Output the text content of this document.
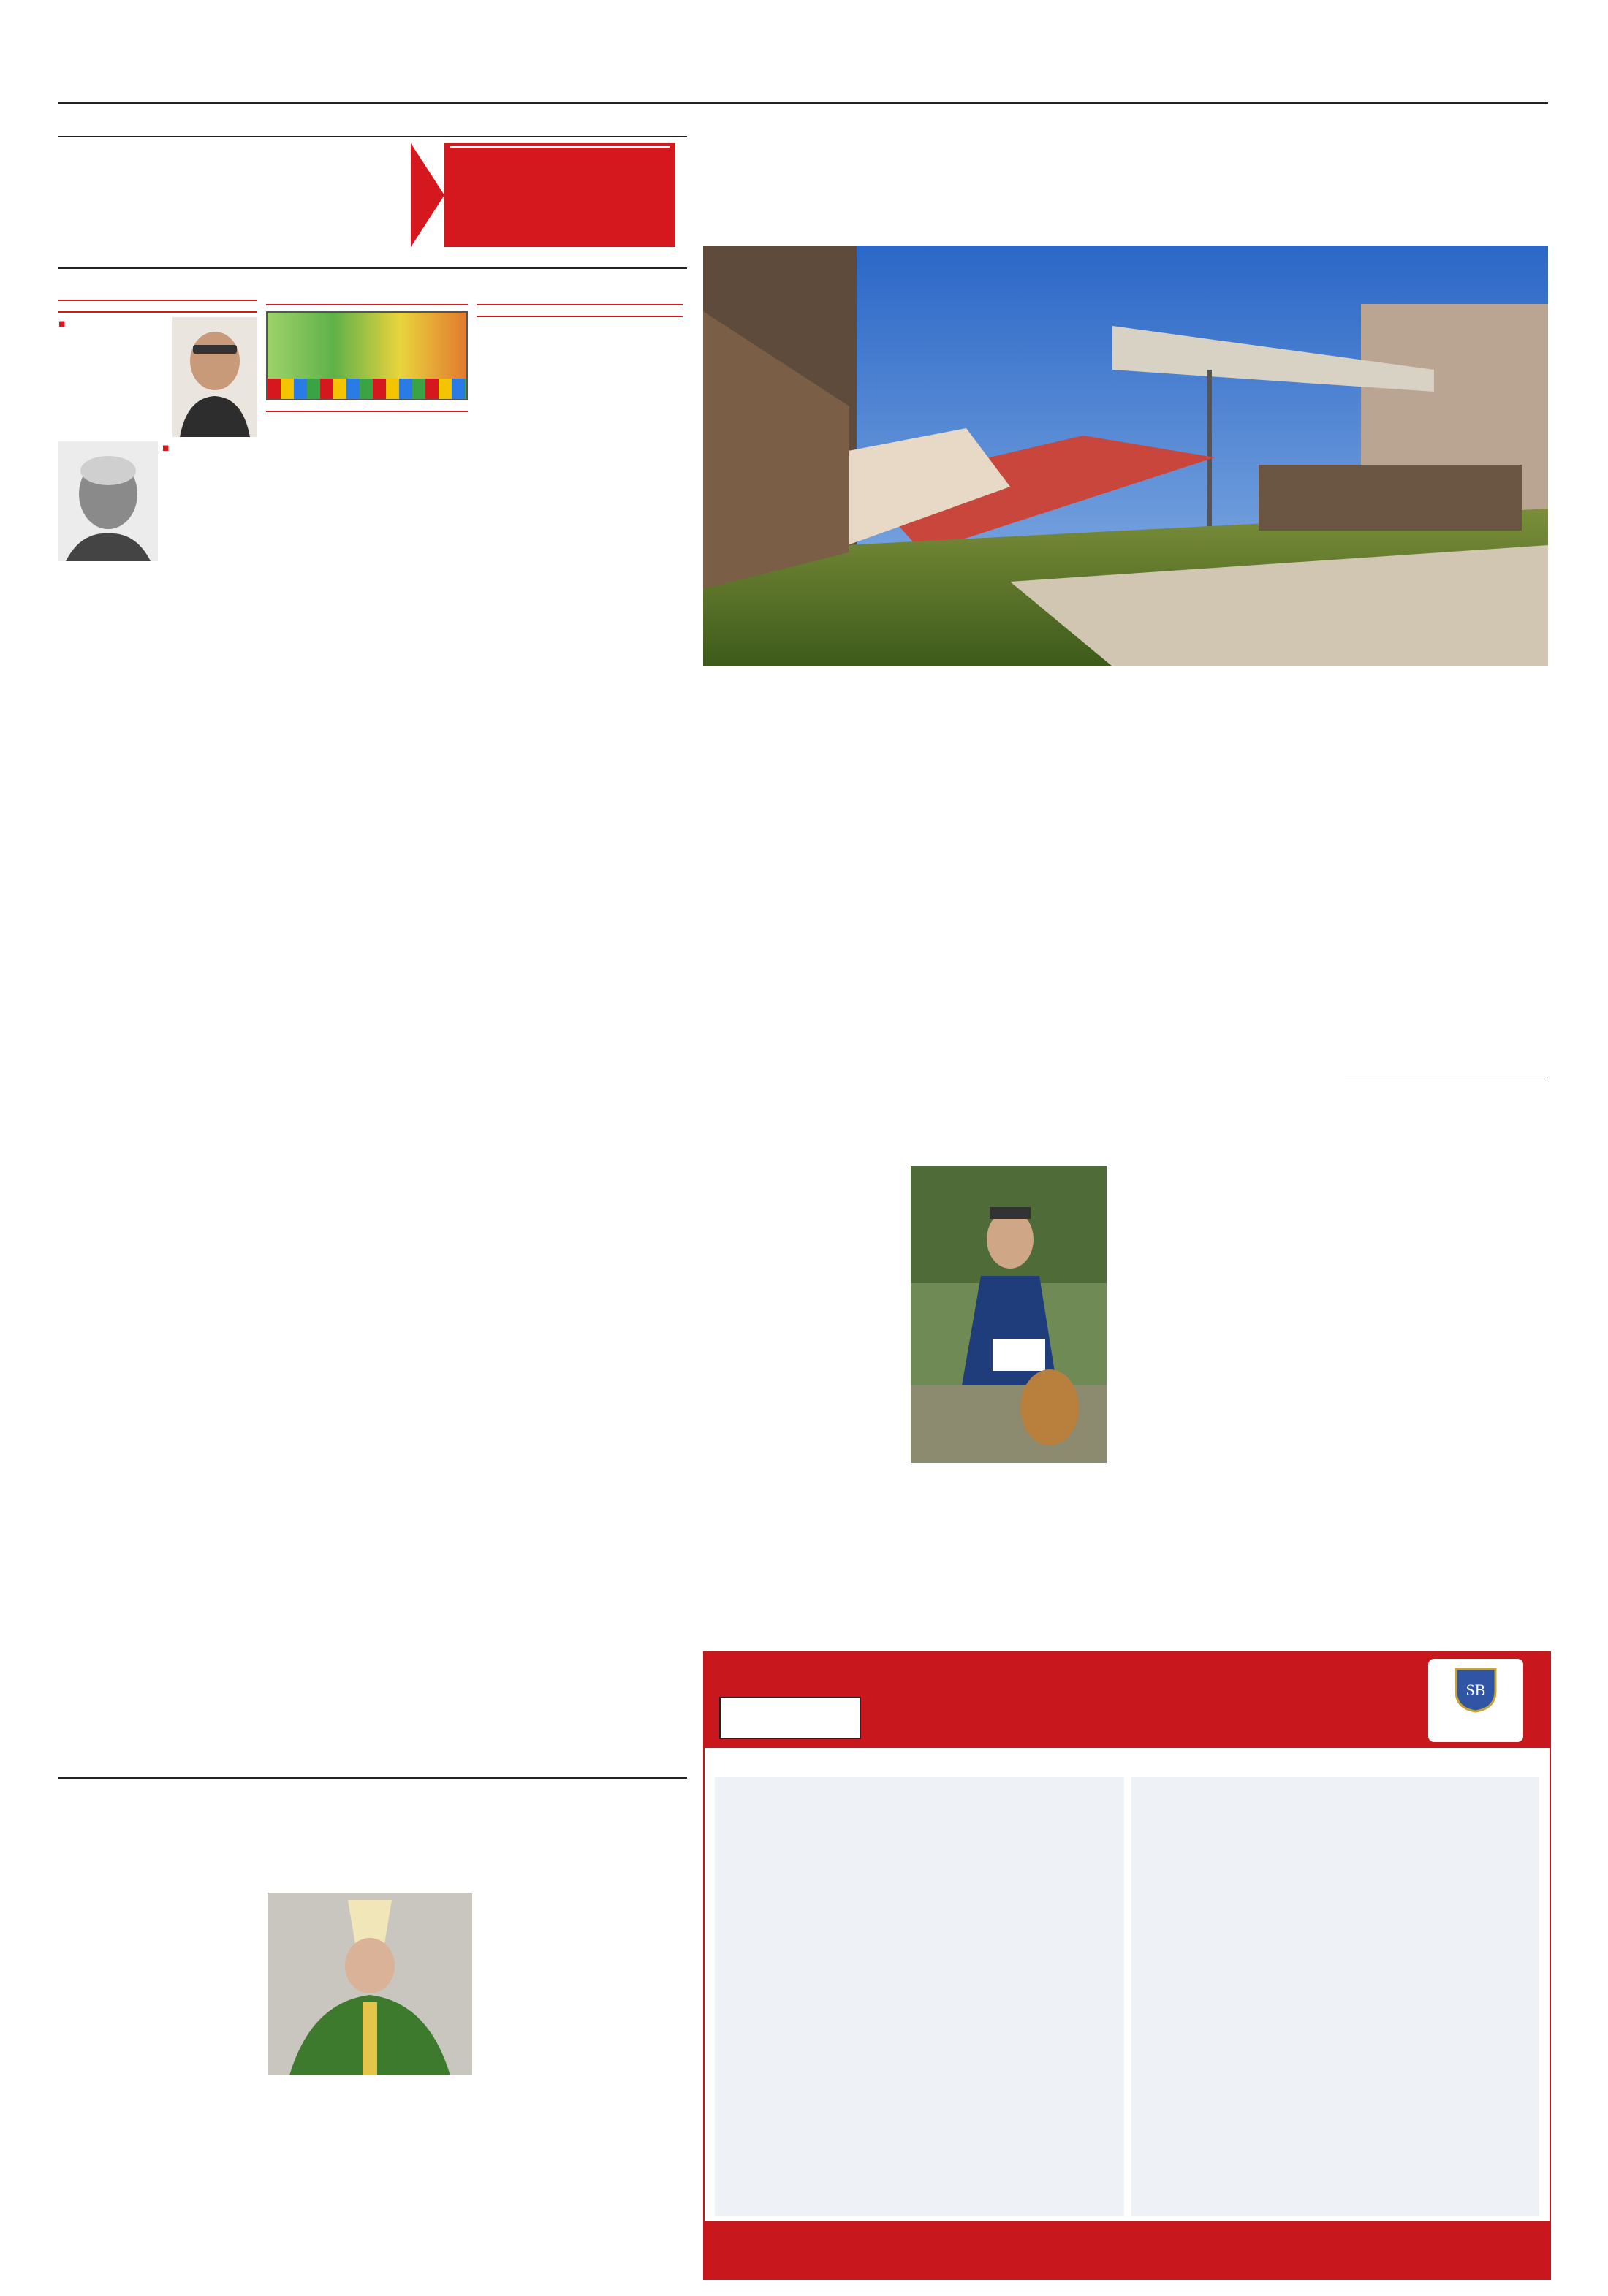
■
■
SB
